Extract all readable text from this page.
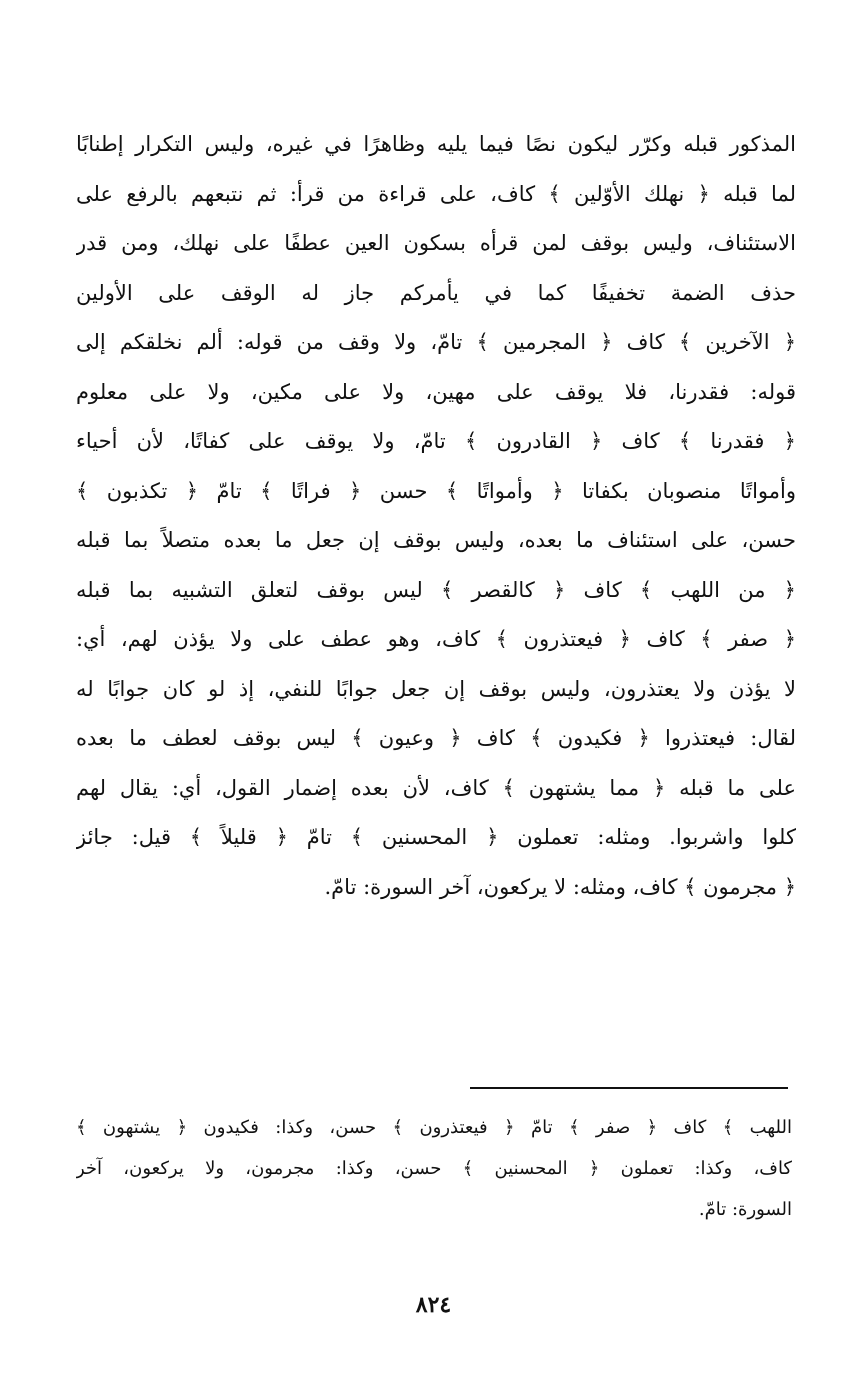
المذكور قبله وكرّر ليكون نصًا فيما يليه وظاهرًا في غيره، وليس التكرار إطنابًا
لما قبله ﴿ نهلك الأوّلين ﴾ كاف، على قراءة من قرأ: ثم نتبعهم بالرفع على
الاستئناف، وليس بوقف لمن قرأه بسكون العين عطفًا على نهلك، ومن قدر
حذف الضمة تخفيفًا كما في يأمركم جاز له الوقف على الأولين
﴿ الآخرين ﴾ كاف ﴿ المجرمين ﴾ تامّ، ولا وقف من قوله: ألم نخلقكم إلى
قوله: فقدرنا، فلا يوقف على مهين، ولا على مكين، ولا على معلوم
﴿ فقدرنا ﴾ كاف ﴿ القادرون ﴾ تامّ، ولا يوقف على كفاتًا، لأن أحياء
وأمواتًا منصوبان بكفاتا ﴿ وأمواتًا ﴾ حسن ﴿ فراتًا ﴾ تامّ ﴿ تكذبون ﴾
حسن، على استئناف ما بعده، وليس بوقف إن جعل ما بعده متصلاً بما قبله
﴿ من اللهب ﴾ كاف ﴿ كالقصر ﴾ ليس بوقف لتعلق التشبيه بما قبله
﴿ صفر ﴾ كاف ﴿ فيعتذرون ﴾ كاف، وهو عطف على ولا يؤذن لهم، أي:
لا يؤذن ولا يعتذرون، وليس بوقف إن جعل جوابًا للنفي، إذ لو كان جوابًا له
لقال: فيعتذروا ﴿ فكيدون ﴾ كاف ﴿ وعيون ﴾ ليس بوقف لعطف ما بعده
على ما قبله ﴿ مما يشتهون ﴾ كاف، لأن بعده إضمار القول، أي: يقال لهم
كلوا واشربوا. ومثله: تعملون ﴿ المحسنين ﴾ تامّ ﴿ قليلاً ﴾ قيل: جائز
﴿ مجرمون ﴾ كاف، ومثله: لا يركعون، آخر السورة: تامّ.
اللهب ﴾ كاف ﴿ صفر ﴾ تامّ ﴿ فيعتذرون ﴾ حسن، وكذا: فكيدون ﴿ يشتهون ﴾
كاف، وكذا: تعملون ﴿ المحسنين ﴾ حسن، وكذا: مجرمون، ولا يركعون، آخر
السورة: تامّ.
٨٢٤
